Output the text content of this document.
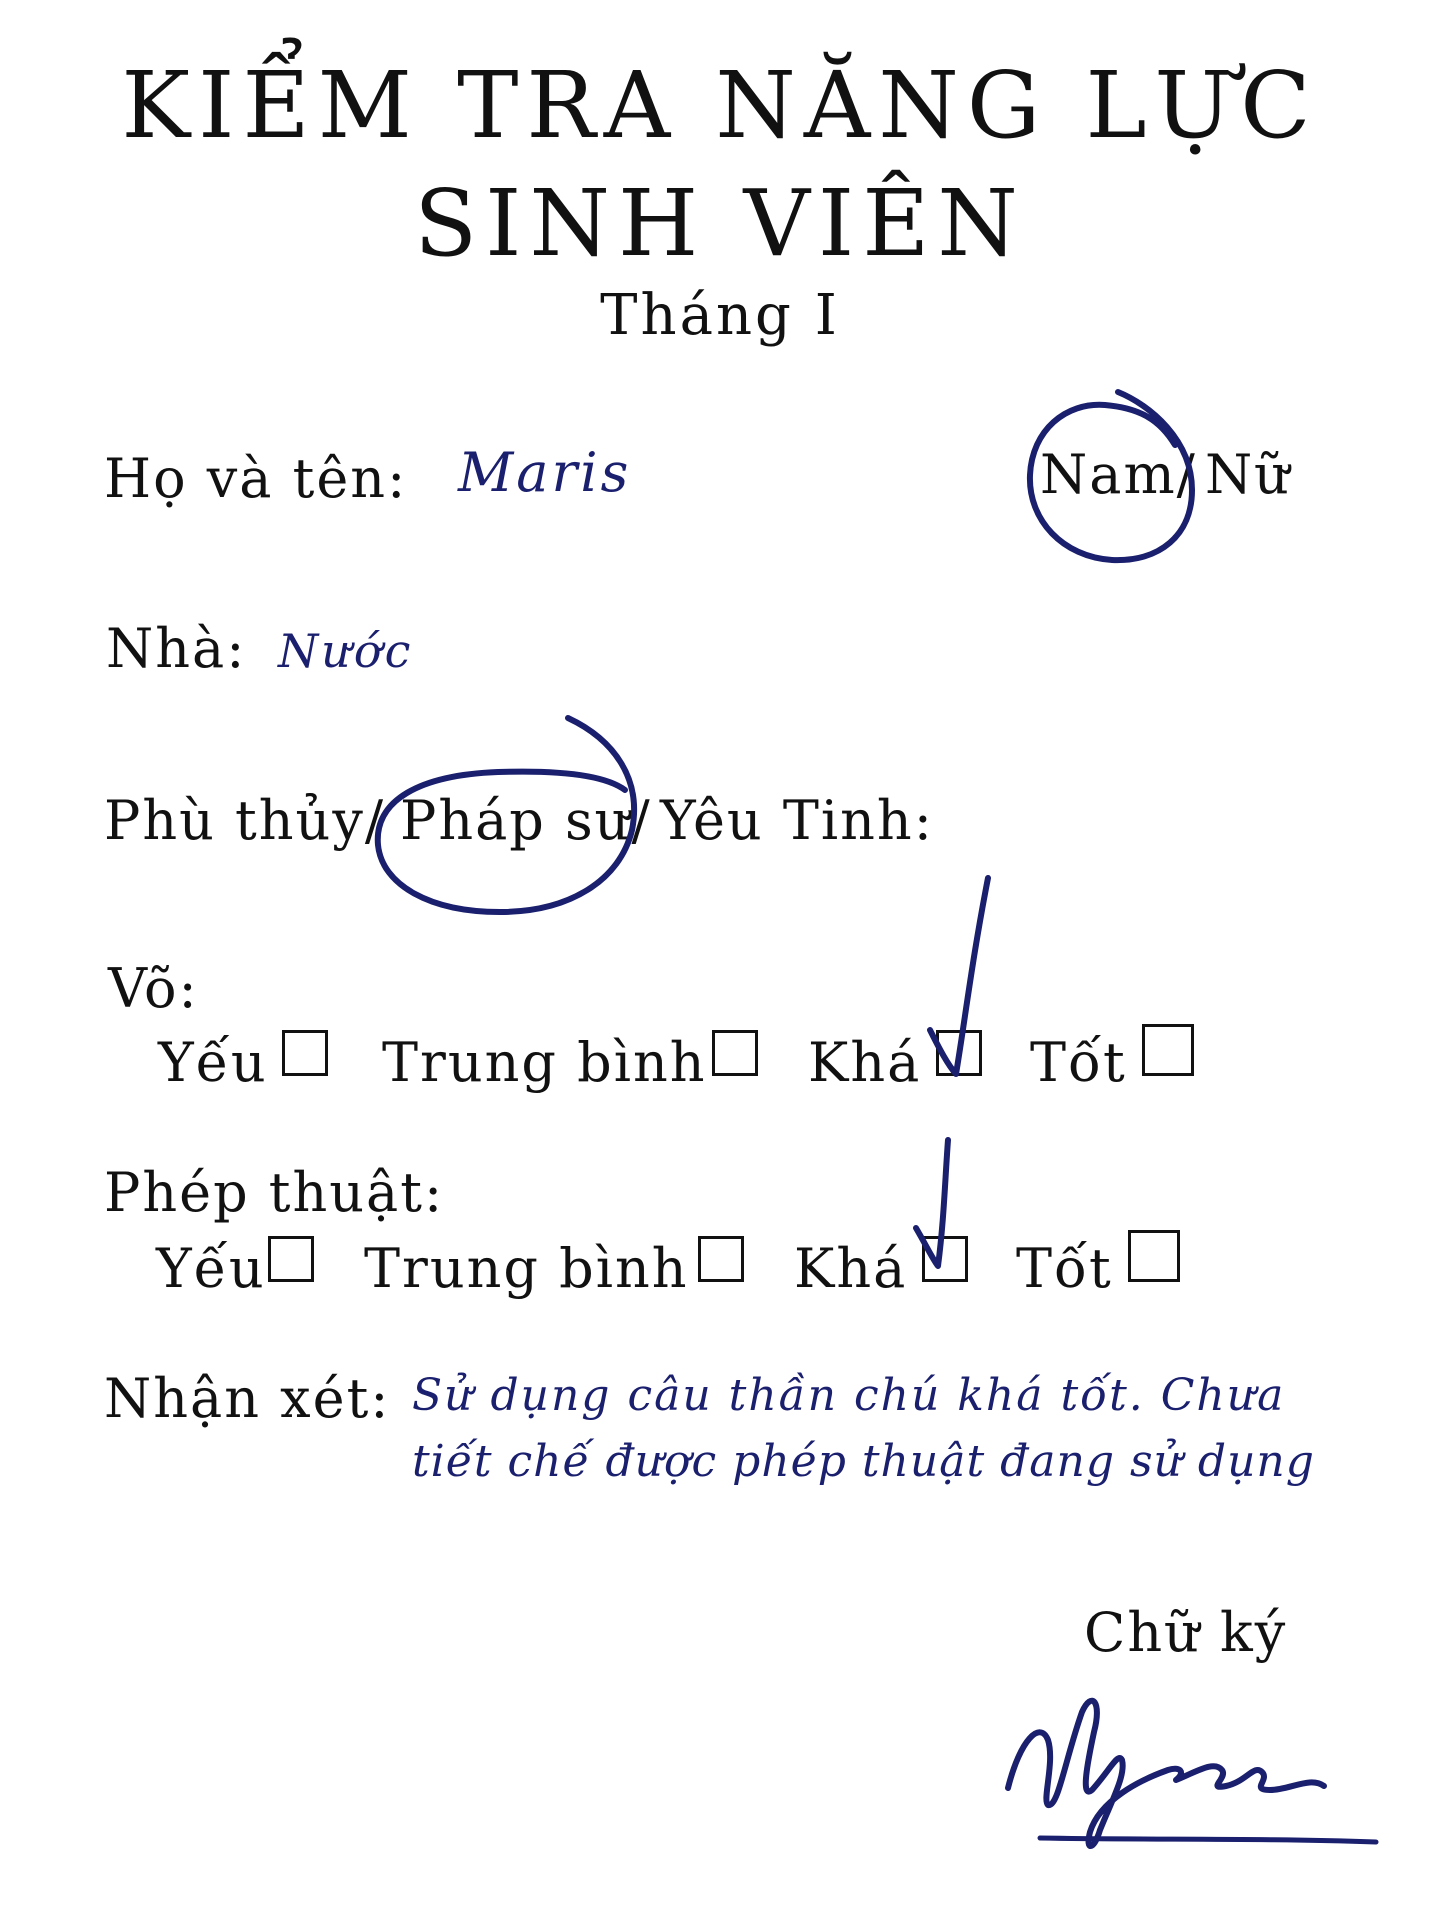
KIỂM TRA NĂNG LỰC
SINH VIÊN
Tháng I
Họ và tên: Maris	Nam/ Nữ
Nhà: Nước
Phù thủy/ Pháp sư/ Yêu Tinh:
Võ:
Yếu Trung bình Khá Tốt
Phép thuật:
Yếu Trung bình Khá Tốt
Nhận xét: Sử dụng câu thần chú khá tốt. Chưa
tiết chế được phép thuật đang sử dụng
Chữ ký
